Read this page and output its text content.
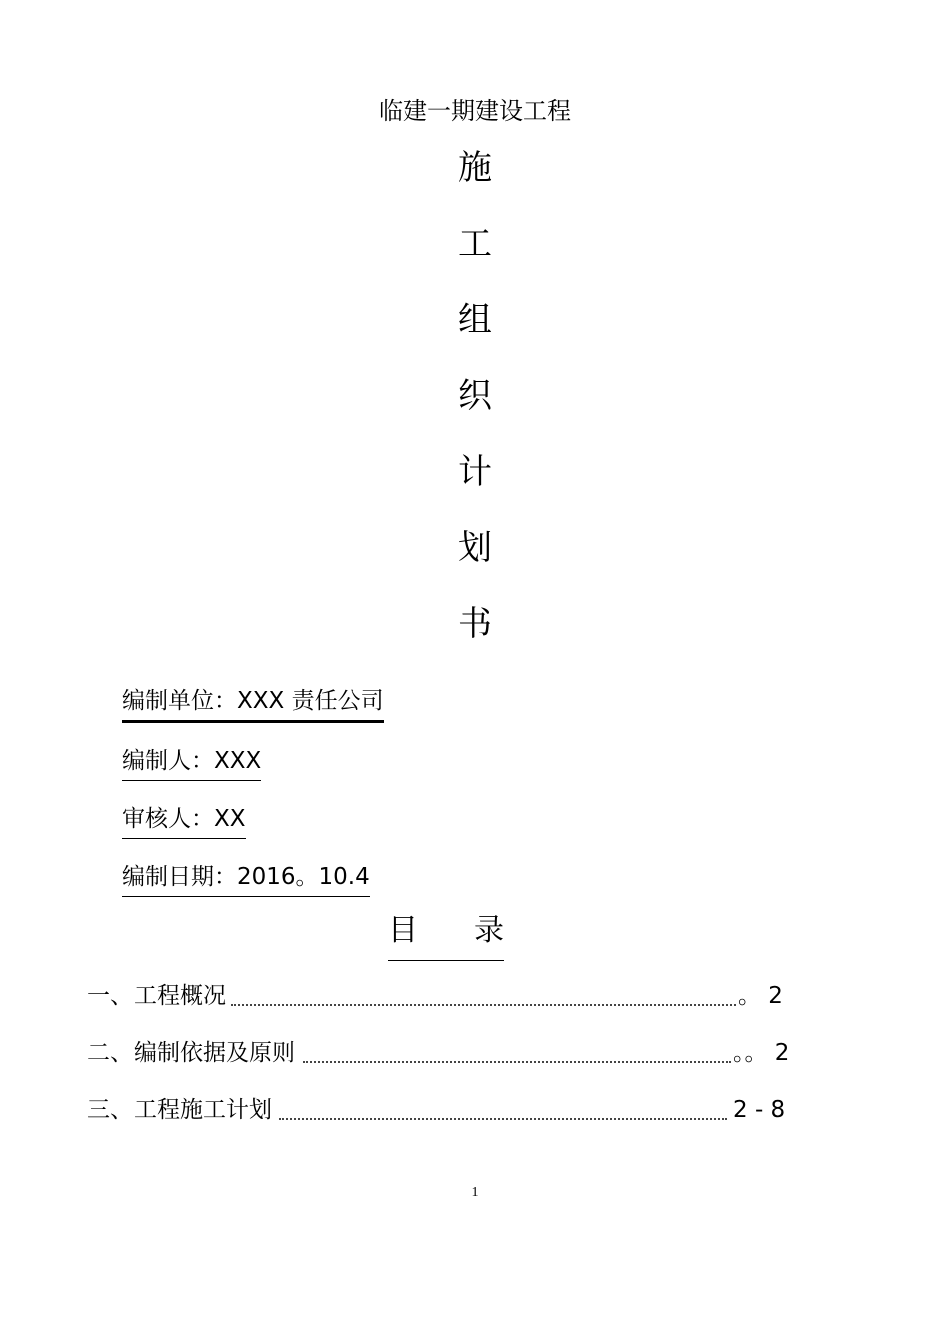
临建一期建设工程
施
工
组
织
计
划
书
编制单位：XXX 责任公司
编制人：XXX
审核人：XX
编制日期：2016。10.4
目 录
一、 工程概况	。 2
二、 编制依据及原则	。。 2
三、 工程施工计划	2 - 8
1
